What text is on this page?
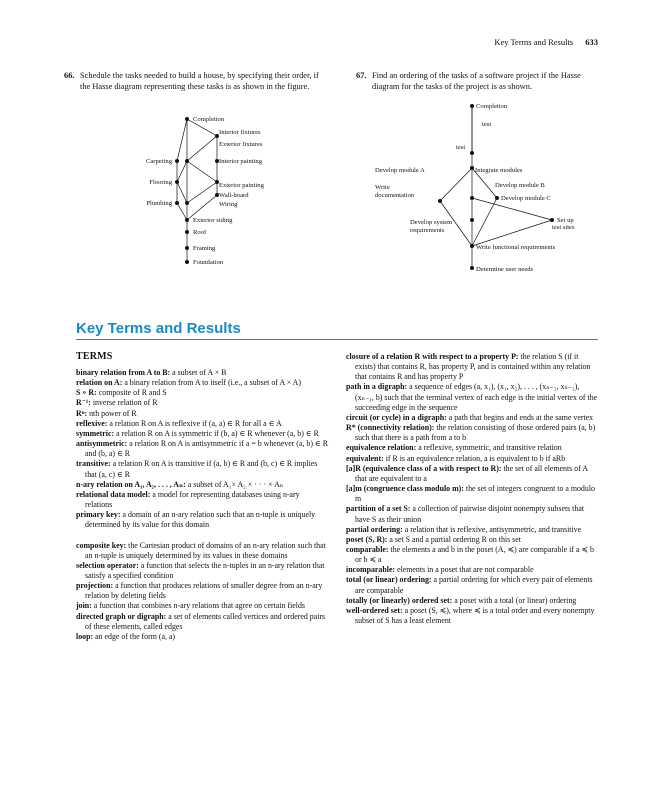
Key Terms and Results 633
66. Schedule the tasks needed to build a house, by specifying their order, if the Hasse diagram representing these tasks is as shown in the figure.
67. Find an ordering of the tasks of a software project if the Hasse diagram for the tasks of the project is as shown.
Completion
Interior fixtures
Exterior fixtures
Carpeting	Interior painting
Flooring	Exterior painting
Wall-board
Plumbing	Wiring
Exterior siding
Roof
Framing
Foundation
Completion
test
test
Develop module A	Integrate modules
Write
documentation
Develop module B
Develop module C
Develop system
requirements
Set up
test sites
Write functional requirements
Determine user needs
Key Terms and Results
TERMS
binary relation from A to B: a subset of A × B
relation on A: a binary relation from A to itself (i.e., a subset of A × A)
S ∘ R: composite of R and S
R⁻¹: inverse relation of R
Rⁿ: nth power of R
reflexive: a relation R on A is reflexive if (a, a) ∈ R for all a ∈ A
symmetric: a relation R on A is symmetric if (b, a) ∈ R whenever (a, b) ∈ R
antisymmetric: a relation R on A is antisymmetric if a = b whenever (a, b) ∈ R and (b, a) ∈ R
transitive: a relation R on A is transitive if (a, b) ∈ R and (b, c) ∈ R implies that (a, c) ∈ R
n-ary relation on A₁, A₂, . . . , Aₙ: a subset of A₁× A₂ × · · · × Aₙ
relational data model: a model for representing databases using n-ary relations
primary key: a domain of an n-ary relation such that an n-tuple is uniquely determined by its value for this domain
composite key: the Cartesian product of domains of an n-ary relation such that an n-tuple is uniquely determined by its values in these domains
selection operator: a function that selects the n-tuples in an n-ary relation that satisfy a specified condition
projection: a function that produces relations of smaller degree from an n-ary relation by deleting fields
join: a function that combines n-ary relations that agree on certain fields
directed graph or digraph: a set of elements called vertices and ordered pairs of these elements, called edges
loop: an edge of the form (a, a)
closure of a relation R with respect to a property P: the relation S (if it exists) that contains R, has property P, and is contained within any relation that contains R and has property P
path in a digraph: a sequence of edges (a, x₁), (x₁, x₂), . . . , (xₙ₋₂, xₙ₋₁), (xₙ₋₁, b) such that the terminal vertex of each edge is the initial vertex of the succeeding edge in the sequence
circuit (or cycle) in a digraph: a path that begins and ends at the same vertex
R* (connectivity relation): the relation consisting of those ordered pairs (a, b) such that there is a path from a to b
equivalence relation: a reflexive, symmetric, and transitive relation
equivalent: if R is an equivalence relation, a is equivalent to b if aRb
[a]R (equivalence class of a with respect to R): the set of all elements of A that are equivalent to a
[a]m (congruence class modulo m): the set of integers congruent to a modulo m
partition of a set S: a collection of pairwise disjoint nonempty subsets that have S as their union
partial ordering: a relation that is reflexive, antisymmetric, and transitive
poset (S, R): a set S and a partial ordering R on this set
comparable: the elements a and b in the poset (A, ≼) are comparable if a ≼ b or b ≼ a
incomparable: elements in a poset that are not comparable
total (or linear) ordering: a partial ordering for which every pair of elements are comparable
totally (or linearly) ordered set: a poset with a total (or linear) ordering
well-ordered set: a poset (S, ≼), where ≼ is a total order and every nonempty subset of S has a least element
